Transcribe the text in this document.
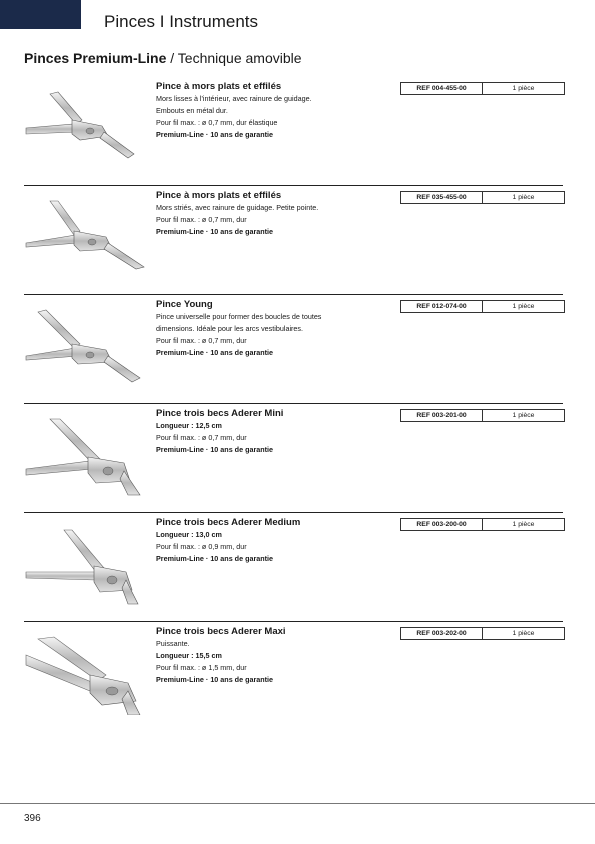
Pinces I Instruments
Pinces Premium-Line / Technique amovible
Pince à mors plats et effilés
Mors lisses à l'intérieur, avec rainure de guidage.
Embouts en métal dur.
Pour fil max. : ø 0,7 mm, dur élastique
Premium-Line · 10 ans de garantie
REF 004-455-00	1 pièce
Pince à mors plats et effilés
Mors striés, avec rainure de guidage. Petite pointe.
Pour fil max. : ø 0,7 mm, dur
Premium-Line · 10 ans de garantie
REF 035-455-00	1 pièce
Pince Young
Pince universelle pour former des boucles de toutes
dimensions. Idéale pour les arcs vestibulaires.
Pour fil max. : ø 0,7 mm, dur
Premium-Line · 10 ans de garantie
REF 012-074-00	1 pièce
Pince trois becs Aderer Mini
Longueur : 12,5 cm
Pour fil max. : ø 0,7 mm, dur
Premium-Line · 10 ans de garantie
REF 003-201-00	1 pièce
Pince trois becs Aderer Medium
Longueur : 13,0 cm
Pour fil max. : ø 0,9 mm, dur
Premium-Line · 10 ans de garantie
REF 003-200-00	1 pièce
Pince trois becs Aderer Maxi
Puissante.
Longueur : 15,5 cm
Pour fil max. : ø 1,5 mm, dur
Premium-Line · 10 ans de garantie
REF 003-202-00	1 pièce
396
